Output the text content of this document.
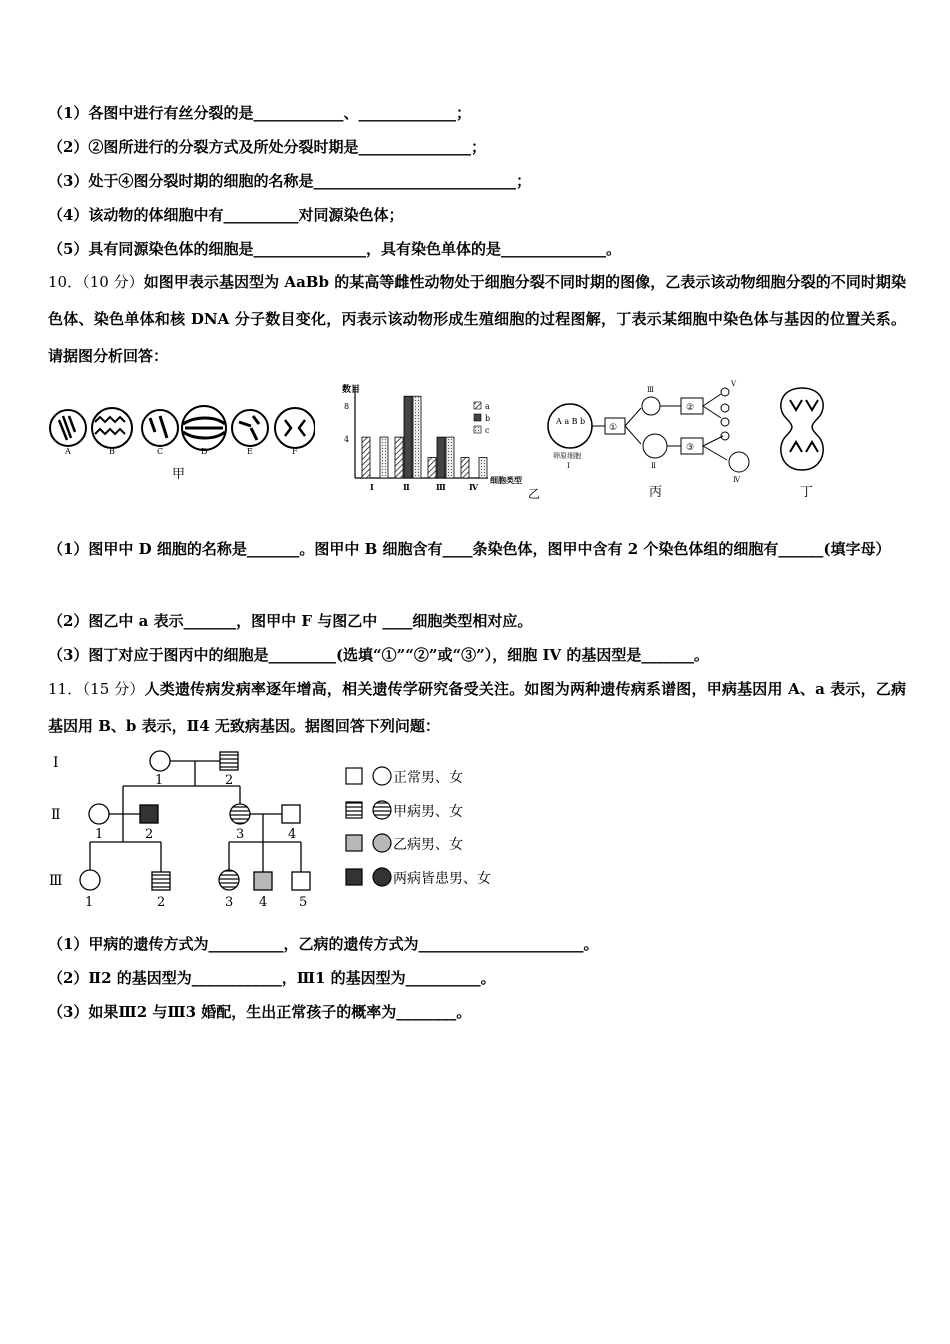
（1）各图中进行有丝分裂的是____________、_____________；
（2）②图所进行的分裂方式及所处分裂时期是_______________；
（3）处于④图分裂时期的细胞的名称是___________________________；
（4）该动物的体细胞中有__________对同源染色体；
（5）具有同源染色体的细胞是_______________，具有染色单体的是______________。
10．（10 分）如图甲表示基因型为 AaBb 的某高等雌性动物处于细胞分裂不同时期的图像，乙表示该动物细胞分裂的不同时期染色体、染色单体和核 DNA 分子数目变化，丙表示该动物形成生殖细胞的过程图解，丁表示某细胞中染色体与基因的位置关系。请据图分析回答：
A	B	C	D	E	F
甲
数目
8
4
细胞类型
Ⅰ	Ⅱ	Ⅲ	Ⅳ
a
b
c
乙
A a B b
卵原细胞
Ⅰ
①
Ⅲ
Ⅱ
②
③
Ⅴ
Ⅳ
丙	丁
（1）图甲中 D 细胞的名称是_______。图甲中 B 细胞含有____条染色体，图甲中含有 2 个染色体组的细胞有______(填字母）
（2）图乙中 a 表示_______，图甲中 F 与图乙中 ____细胞类型相对应。
（3）图丁对应于图丙中的细胞是_________(选填“①”“②”或“③”），细胞 IV 的基因型是_______。
11．（15 分）人类遗传病发病率逐年增高，相关遗传学研究备受关注。如图为两种遗传病系谱图，甲病基因用 A、a 表示，乙病基因用 B、b 表示，Ⅱ4 无致病基因。据图回答下列问题：
Ⅰ
Ⅱ
Ⅲ
1	2
1	2	3	4
1	2	3 4 5
正常男、女
甲病男、女
乙病男、女
两病皆患男、女
（1）甲病的遗传方式为__________，乙病的遗传方式为______________________。
（2）Ⅱ2 的基因型为____________，Ⅲ1 的基因型为__________。
（3）如果Ⅲ2 与Ⅲ3 婚配，生出正常孩子的概率为________。
